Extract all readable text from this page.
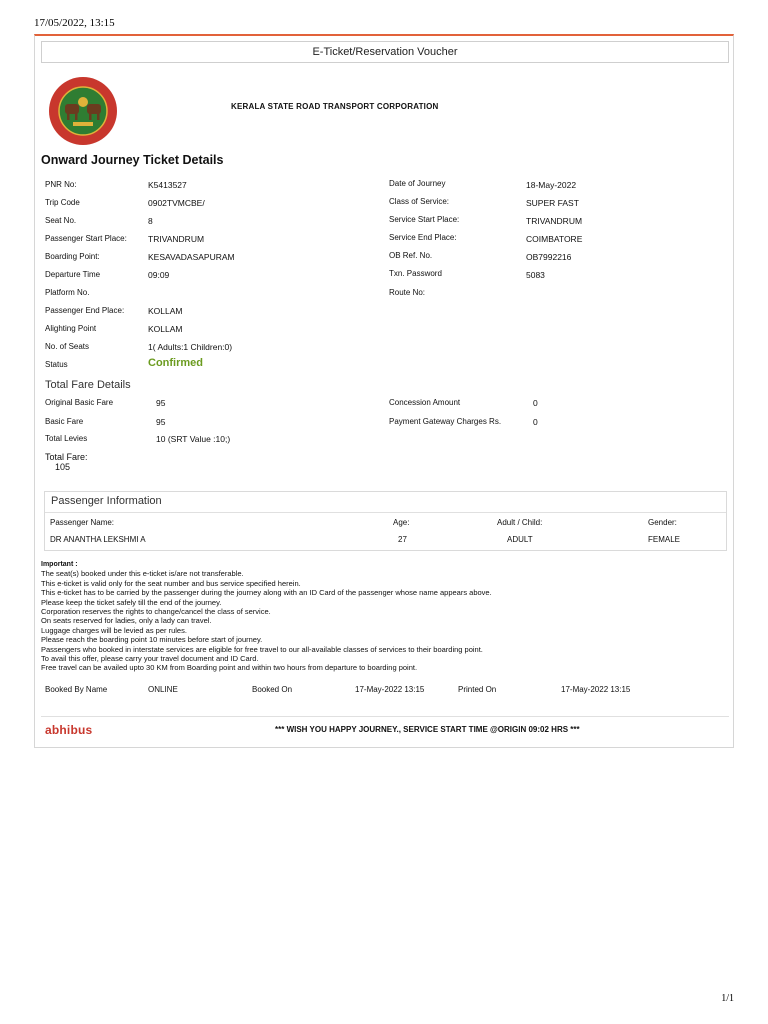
17/05/2022, 13:15
E-Ticket/Reservation Voucher
KERALA STATE ROAD TRANSPORT CORPORATION
Onward Journey Ticket Details
PNR No:	K5413527
Trip Code	0902TVMCBE/
Seat No.	8
Passenger Start Place: TRIVANDRUM
Boarding Point:	KESAVADASAPURAM
Departure Time	09:09
Platform No.
Passenger End Place:	KOLLAM
Alighting Point	KOLLAM
No. of Seats	1( Adults:1 Children:0)
Status	Confirmed
Date of Journey	18-May-2022
Class of Service:	SUPER FAST
Service Start Place:	TRIVANDRUM
Service End Place:	COIMBATORE
OB Ref. No.	OB7992216
Txn. Password	5083
Route No:
Total Fare Details
Original Basic Fare	95
Basic Fare	95
Total Levies	10 (SRT Value :10;)
Concession Amount	0
Payment Gateway Charges Rs.	0
Total Fare:
105
Passenger Information
Passenger Name:	Age:	Adult / Child:	Gender:
DR ANANTHA LEKSHMI A	27	ADULT	FEMALE
Important :
The seat(s) booked under this e-ticket is/are not transferable.
This e-ticket is valid only for the seat number and bus service specified herein.
This e-ticket has to be carried by the passenger during the journey along with an ID Card of the passenger whose name appears above.
Please keep the ticket safely till the end of the journey.
Corporation reserves the rights to change/cancel the class of service.
On seats reserved for ladies, only a lady can travel.
Luggage charges will be levied as per rules.
Please reach the boarding point 10 minutes before start of journey.
Passengers who booked in interstate services are eligible for free travel to our all-available classes of services to their boarding point.
To avail this offer, please carry your travel document and ID Card.
Free travel can be availed upto 30 KM from Boarding point and within two hours from departure to boarding point.
Booked By Name	ONLINE	Booked On	17-May-2022 13:15	Printed On	17-May-2022 13:15
abhibus	*** WISH YOU HAPPY JOURNEY., SERVICE START TIME @ORIGIN 09:02 HRS ***
1/1
